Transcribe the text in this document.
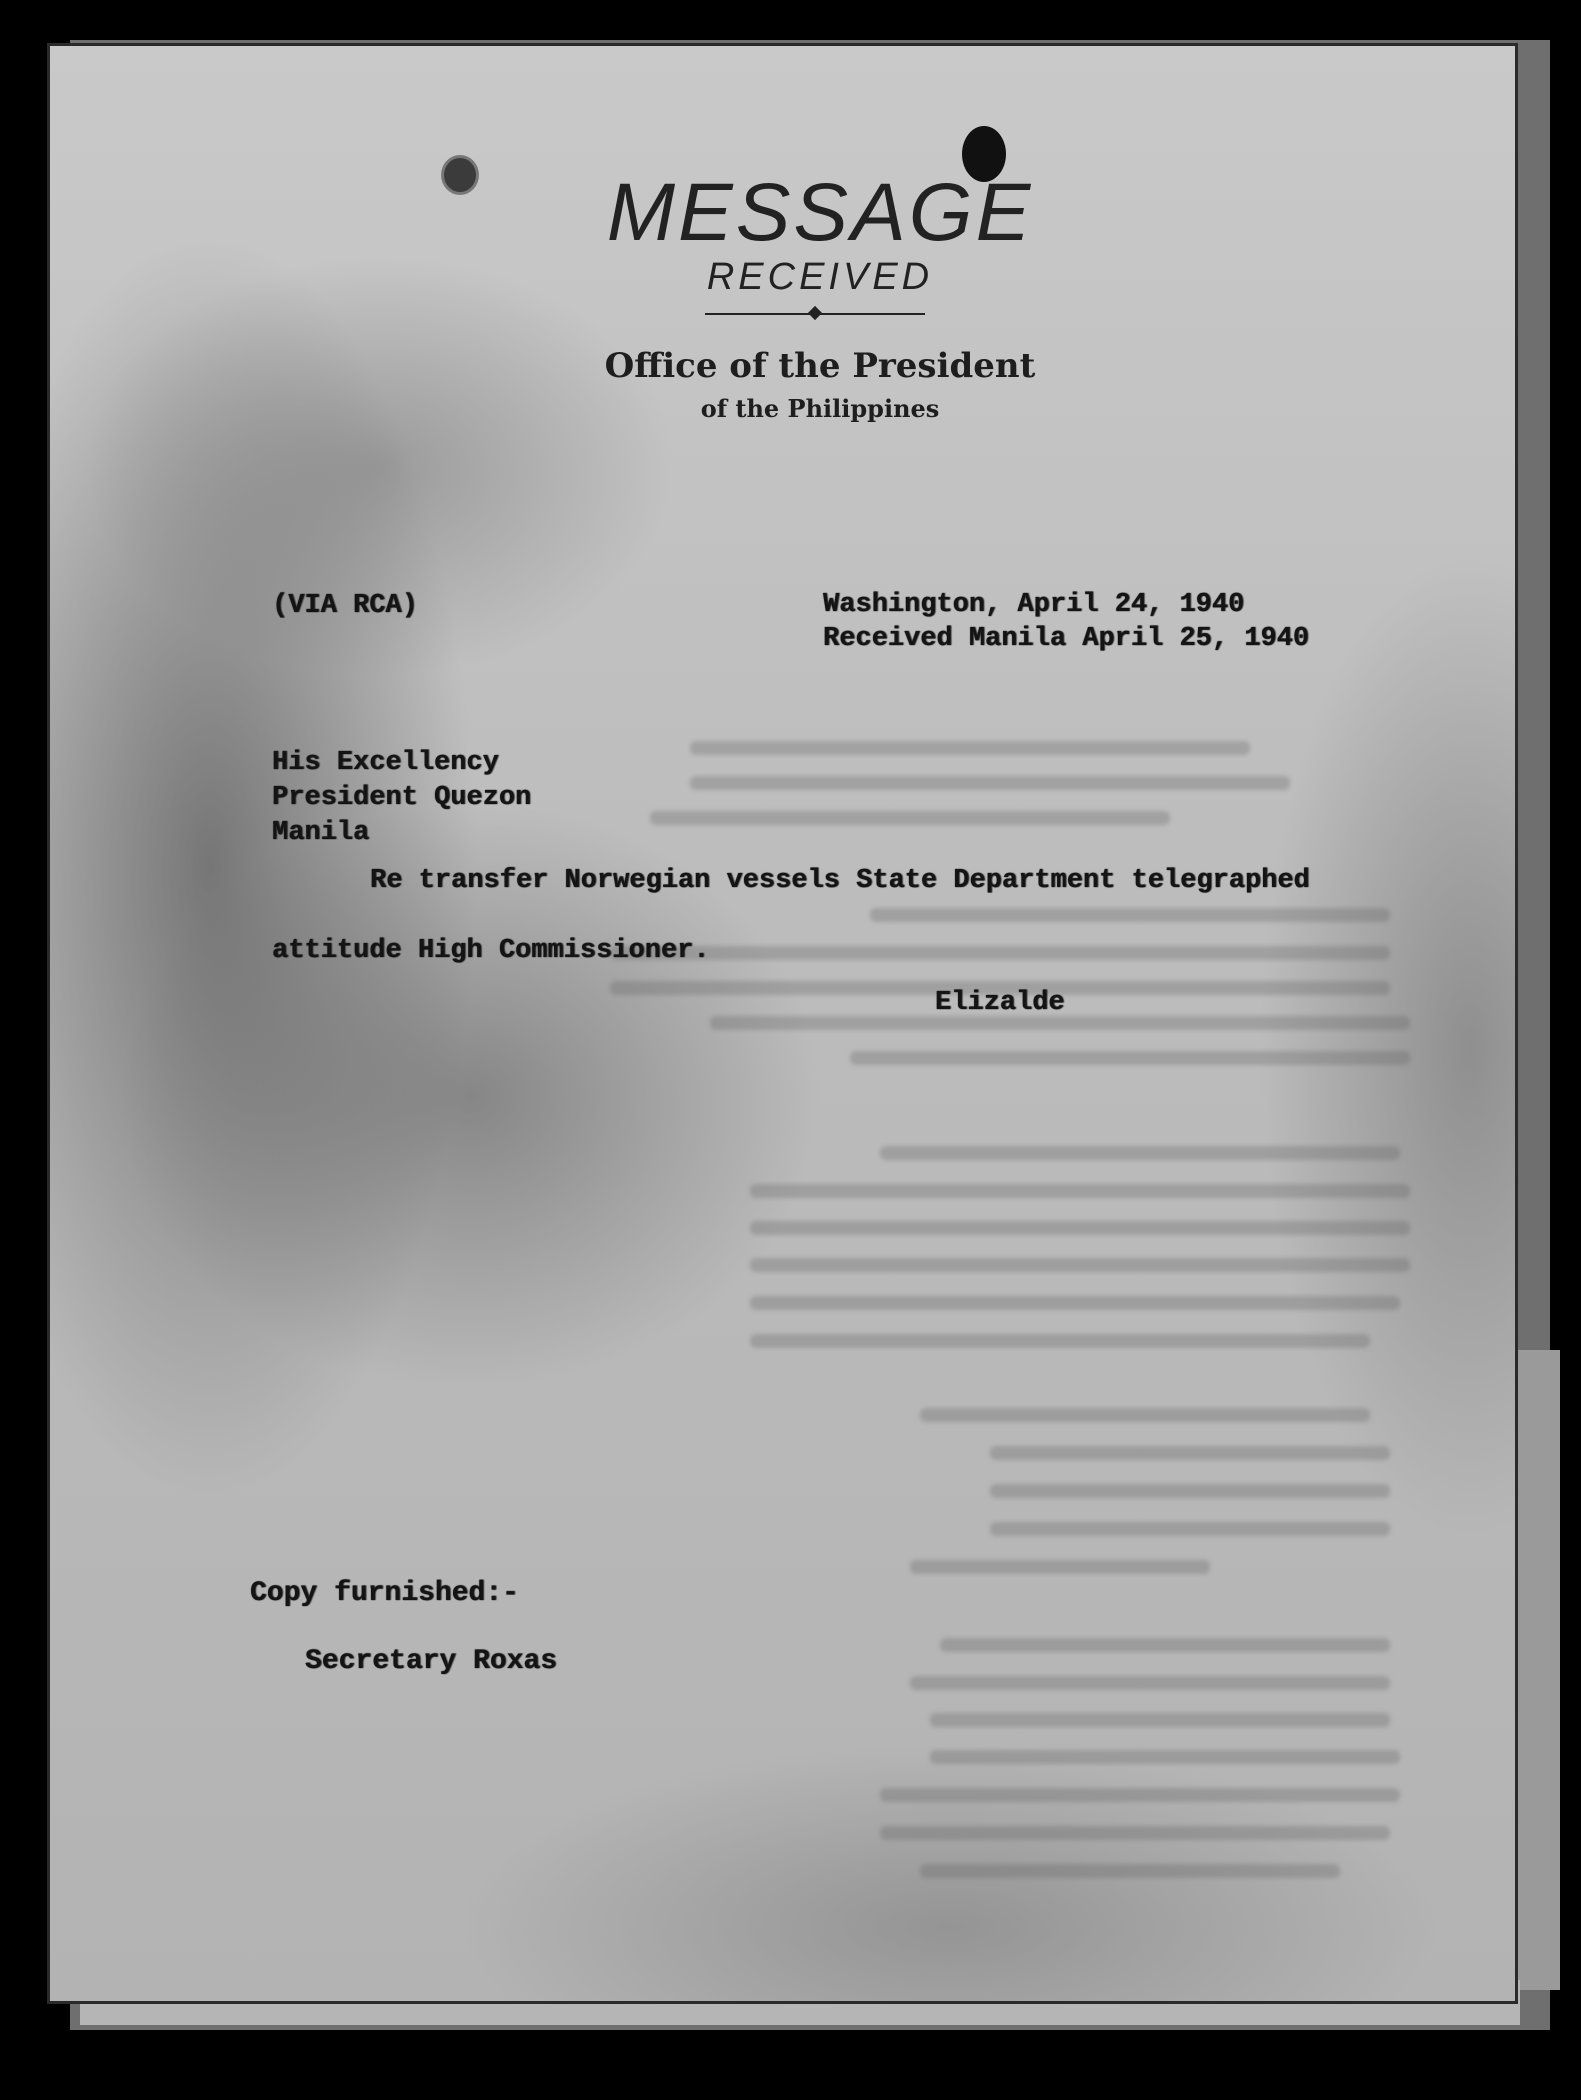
MESSAGE
RECEIVED
Office of the President
of the Philippines
(VIA RCA)	Washington, April 24, 1940
Received Manila April 25, 1940
His Excellency
President Quezon
Manila
Re transfer Norwegian vessels State Department telegraphed
attitude High Commissioner.
Elizalde
Copy furnished:-
Secretary Roxas
